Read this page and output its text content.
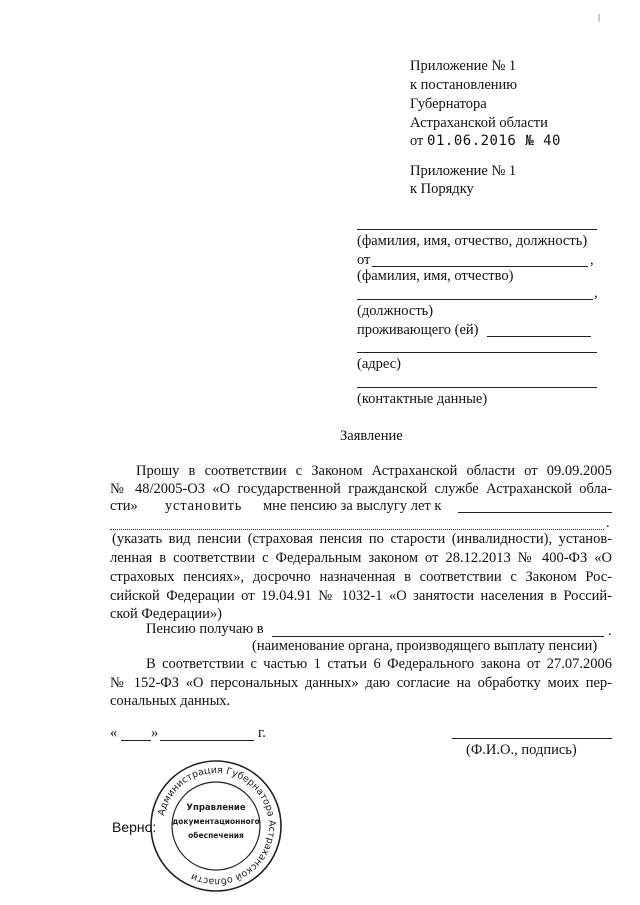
Приложение № 1
к постановлению
Губернатора
Астраханской области
от 01.06.2016 № 40
Приложение № 1
к Порядку
(фамилия, имя, отчество, должность)
от	,
(фамилия, имя, отчество)
,
(должность)
проживающего (ей)
(адрес)
(контактные данные)
Заявление
Прошу в соответствии с Законом Астраханской области от 09.09.2005
№ 48/2005-ОЗ «О государственной гражданской службе Астраханской обла-
сти» установить мне пенсию за выслугу лет к
.
(указать вид пенсии (страховая пенсия по старости (инвалидности), установ-
ленная в соответствии с Федеральным законом от 28.12.2013 № 400-ФЗ «О
страховых пенсиях», досрочно назначенная в соответствии с Законом Рос-
сийской Федерации от 19.04.91 № 1032-1 «О занятости населения в Россий-
ской Федерации»)
Пенсию получаю в	.
(наименование органа, производящего выплату пенсии)
В соответствии с частью 1 статьи 6 Федерального закона от 27.07.2006
№ 152-ФЗ «О персональных данных» даю согласие на обработку моих пер-
сональных данных.
« »	г.
(Ф.И.О., подпись)
Верно:
Администрация Губернатора Астраханской области
Управление
документационного
обеспечения
